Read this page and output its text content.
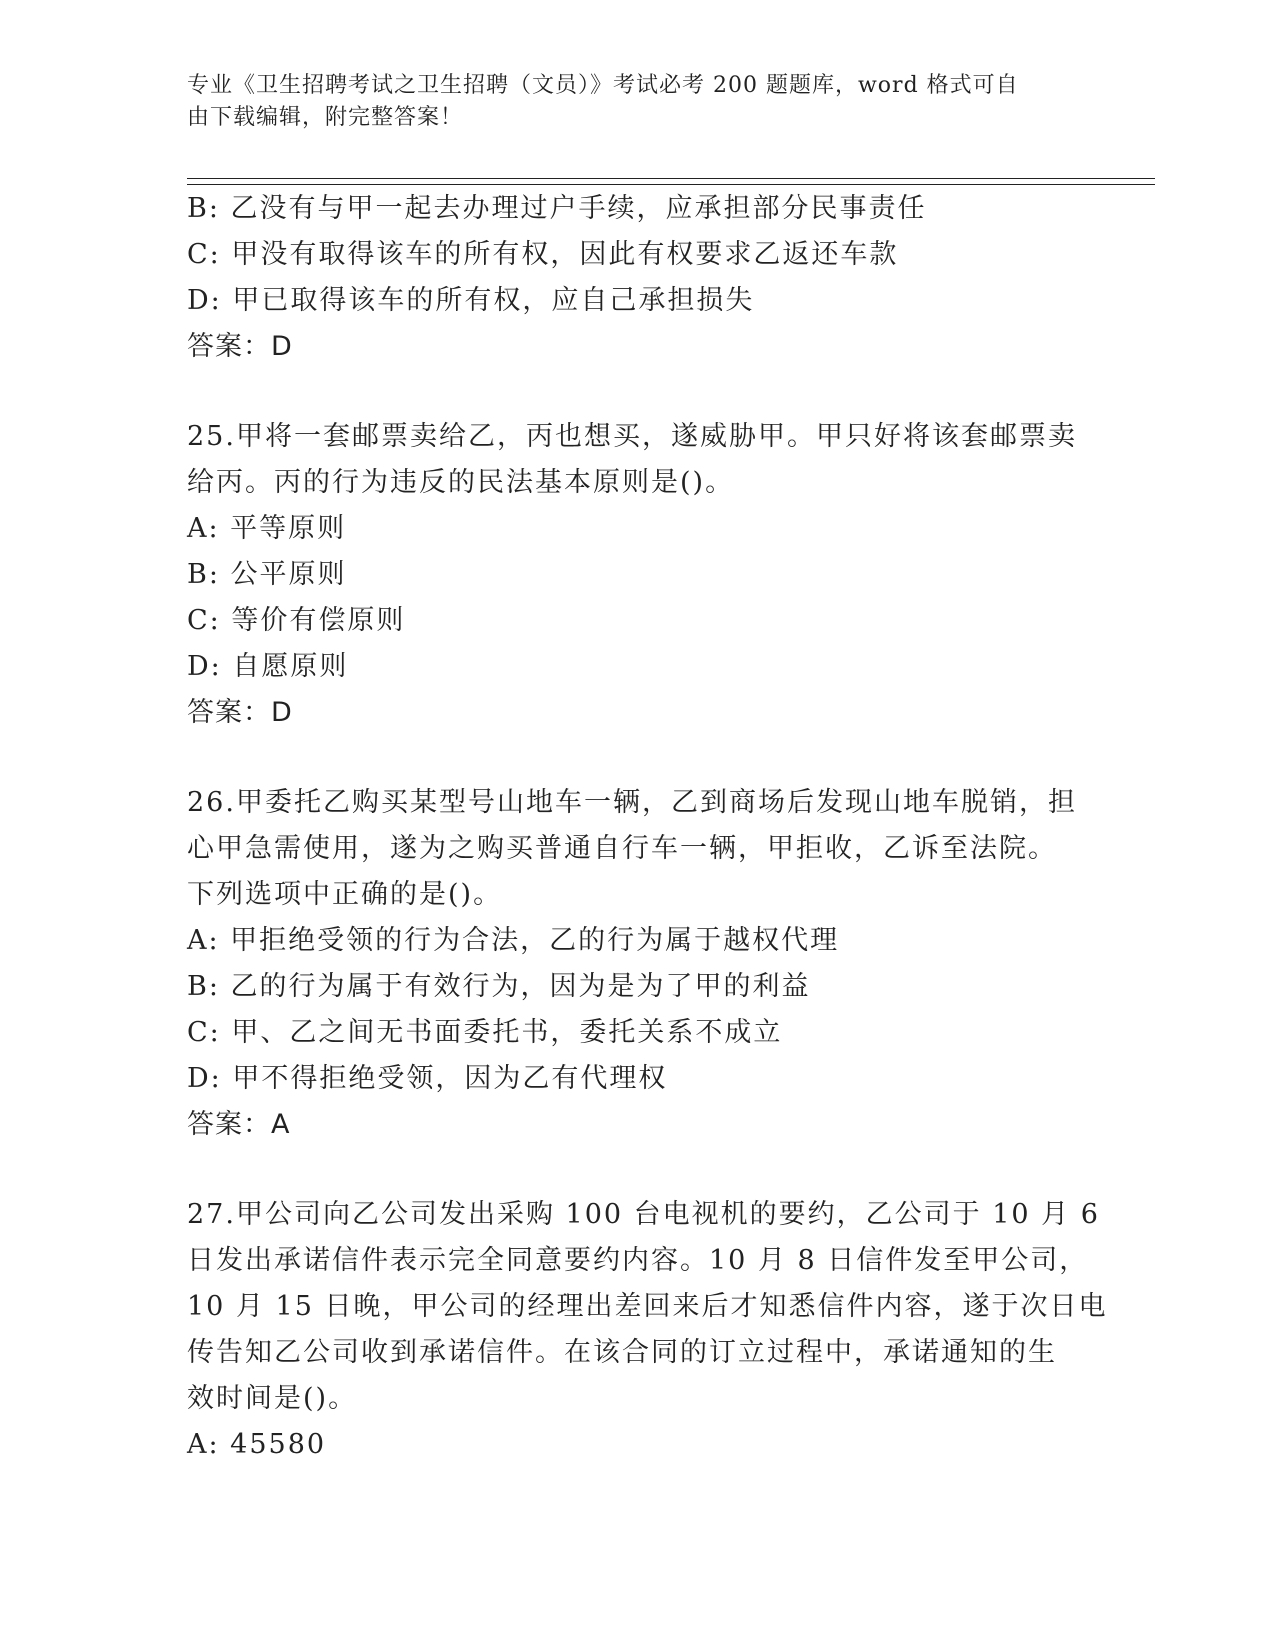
专业《卫生招聘考试之卫生招聘（文员）》考试必考 200 题题库，word 格式可自
由下载编辑，附完整答案！
B: 乙没有与甲一起去办理过户手续，应承担部分民事责任
C: 甲没有取得该车的所有权，因此有权要求乙返还车款
D: 甲已取得该车的所有权，应自己承担损失
答案：D
25.甲将一套邮票卖给乙，丙也想买，遂威胁甲。甲只好将该套邮票卖
给丙。丙的行为违反的民法基本原则是()。
A: 平等原则
B: 公平原则
C: 等价有偿原则
D: 自愿原则
答案：D
26.甲委托乙购买某型号山地车一辆，乙到商场后发现山地车脱销，担
心甲急需使用，遂为之购买普通自行车一辆，甲拒收，乙诉至法院。
下列选项中正确的是()。
A: 甲拒绝受领的行为合法，乙的行为属于越权代理
B: 乙的行为属于有效行为，因为是为了甲的利益
C: 甲、乙之间无书面委托书，委托关系不成立
D: 甲不得拒绝受领，因为乙有代理权
答案：A
27.甲公司向乙公司发出采购 100 台电视机的要约，乙公司于 10 月 6
日发出承诺信件表示完全同意要约内容。10 月 8 日信件发至甲公司，
10 月 15 日晚，甲公司的经理出差回来后才知悉信件内容，遂于次日电
传告知乙公司收到承诺信件。在该合同的订立过程中，承诺通知的生
效时间是()。
A: 45580
